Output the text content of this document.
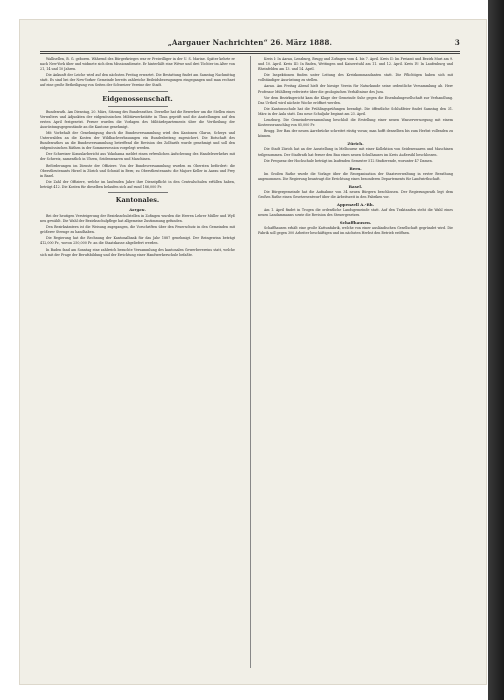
„Aargauer Nachrichten“ 26. März 1888.	3

Wallisellen, B. G. geboren. Während des Bürgerkrieges war er Freiwilliger in der U. S. Marine. Später kehrte er nach New-York über und widmete sich dem Missionsdienste. Er hinterläßt eine Witwe und drei Töchter im Alter von 21, 14 und 10 Jahren.

Die Ankunft der Leiche wird auf den nächsten Freitag erwartet. Die Bestattung findet am Samstag Nachmittag statt. Es sind bei der New-Yorker Gemeinde bereits zahlreiche Beileidsbezeugungen eingegangen und man rechnet auf eine große Betheiligung von Seiten der Schweizer Vereine der Stadt.

Eidgenossenschaft.

Bundesrath. Am Dienstag, 20. März, Sitzung des Bundesrathes. Derselbe hat die Bewerber um die Stellen eines Verwalters und Adjunkten der eidgenössischen Militärwerkstätte in Thun geprüft und die Anstellungen auf den ersten April festgesetzt. Ferner wurden die Vorlagen des Militärdepartements über die Vertheilung der Ausrüstungsgegenstände an die Kantone genehmigt.

Mit Vorbehalt der Genehmigung durch die Bundesversammlung wird den Kantonen Glarus, Schwyz und Unterwalden an die Kosten der Wildbachverbauungen ein Bundesbeitrag zugesichert. Die Botschaft des Bundesrathes an die Bundesversammlung betreffend die Revision des Zolltarifs wurde genehmigt und soll den eidgenössischen Räthen in der Sommersession vorgelegt werden.

Der Schweizer Konsularbericht aus Yokohama meldet einen erfreulichen Aufschwung des Handelsverkehrs mit der Schweiz, namentlich in Uhren, Seidenwaaren und Maschinen.

Beförderungen im Dienste der Offiziere. Von der Bundesversammlung wurden zu Obersten befördert: die Oberstlieutenants Hirzel in Zürich und Schmid in Bern; zu Oberstlieutenants: die Majore Keller in Aarau und Frey in Basel.

Die Zahl der Offiziere, welche im laufenden Jahre ihre Dienstpflicht in den Centralschulen erfüllen haben, beträgt 412. Die Kosten für dieselben belaufen sich auf rund 186,000 Fr.

Kantonales.
Aargau.

Bei der heutigen Versteigerung der Bezirksschulstellen in Zofingen wurden die Herren Lehrer Müller und Wyß neu gewählt. Die Wahl der Bezirksschulpflege hat allgemeine Zustimmung gefunden.

Den Bezirksämtern ist die Weisung zugegangen, die Vorschriften über den Feuerschutz in den Gemeinden mit größerer Strenge zu handhaben.

Die Regierung hat die Rechnung der Kantonalbank für das Jahr 1887 genehmigt. Der Reingewinn beträgt 412,000 Fr., wovon 250,000 Fr. an die Staatskasse abgeliefert werden.

In Baden fand am Sonntag eine zahlreich besuchte Versammlung des kantonalen Gewerbevereins statt, welche sich mit der Frage der Berufsbildung und der Errichtung einer Handwerkerschule befaßte.

Kreis I: In Aarau, Lenzburg, Brugg und Zofingen vom 4. bis 7. April. Kreis II: Im Freiamt und Bezirk Muri am 9. und 10. April. Kreis III: In Baden, Wettingen und Kaiserstuhl am 11. und 12. April. Kreis IV: In Laufenburg und Rheinfelden am 13. und 14. April.

Die Inspektionen finden unter Leitung des Kreiskommandanten statt. Die Pflichtigen haben sich mit vollständiger Ausrüstung zu stellen.

Aarau. Am Freitag Abend hielt der hiesige Verein für Naturkunde seine ordentliche Versammlung ab. Herr Professor Mühlberg referierte über die geologischen Verhältnisse des Jura.

Vor dem Bezirksgericht kam die Klage der Gemeinde Suhr gegen die Eisenbahngesellschaft zur Verhandlung. Das Urtheil wird nächste Woche eröffnet werden.

Die Kantonsschule hat die Frühlingsprüfungen beendigt. Die öffentliche Schlußfeier findet Samstag den 31. März in der Aula statt. Das neue Schuljahr beginnt am 23. April.

Lenzburg. Die Gemeindeversammlung beschloß die Erstellung einer neuen Wasserversorgung mit einem Kostenvoranschlag von 85,000 Fr.

Brugg. Der Bau der neuen Aarebrücke schreitet rüstig voran; man hofft denselben bis zum Herbst vollenden zu können.

Zürich.

Die Stadt Zürich hat an der Ausstellung in Melbourne mit einer Kollektion von Seidenwaaren und Maschinen teilgenommen. Der Stadtrath hat ferner den Bau eines neuen Schulhauses im Kreis Außersihl beschlossen.

Die Frequenz der Hochschule beträgt im laufenden Semester 512 Studierende, worunter 47 Damen.

Bern.

Im Großen Rathe wurde die Vorlage über die Reorganisation der Staatsverwaltung in erster Berathung angenommen. Die Regierung beantragt die Errichtung eines besonderen Departements für Landwirthschaft.

Basel.

Die Bürgergemeinde hat die Aufnahme von 34 neuen Bürgern beschlossen. Der Regierungsrath legt dem Großen Rathe einen Gesetzesentwurf über die Arbeitszeit in den Fabriken vor.

Appenzell A.-Rh.

Am 1. April findet in Trogen die ordentliche Landsgemeinde statt. Auf den Traktanden steht die Wahl eines neuen Landammanns sowie die Revision des Steuergesetzes.

Schaffhausen.

Schaffhausen erhält eine große Kattunfabrik, welche von einer ausländischen Gesellschaft gegründet wird. Die Fabrik soll gegen 300 Arbeiter beschäftigen und im nächsten Herbst den Betrieb eröffnen.
